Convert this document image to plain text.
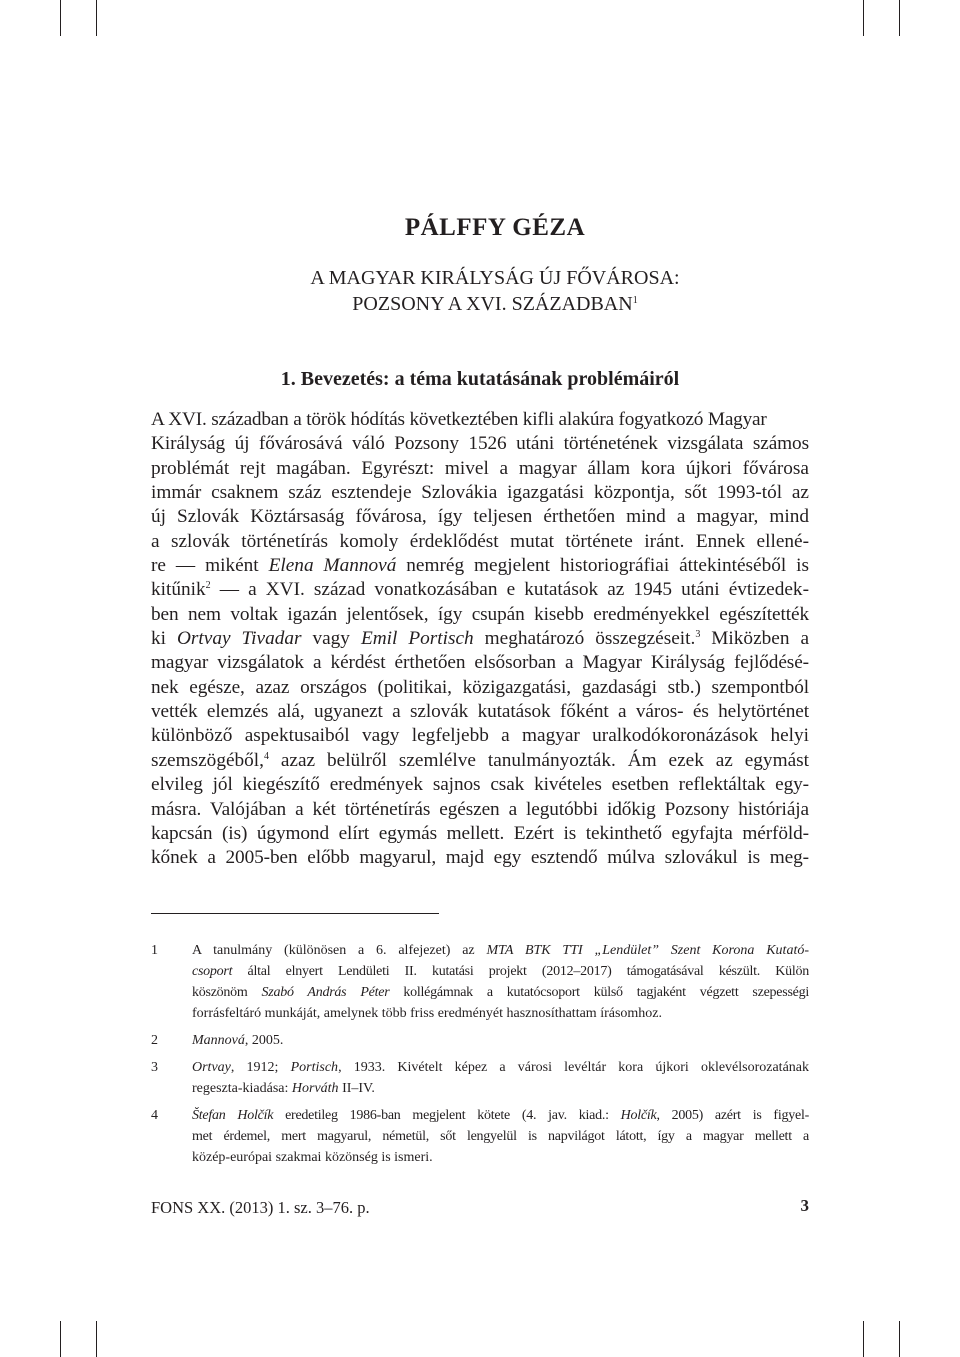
PÁLFFY GÉZA
A MAGYAR KIRÁLYSÁG ÚJ FŐVÁROSA:
POZSONY A XVI. SZÁZADBAN$^1$
1. Bevezetés: a téma kutatásának problémáiról
A XVI. században a török hódítás következtében kifli alakúra fogyatkozó Magyar
Királyság új fővárosává váló Pozsony 1526 utáni történetének vizsgálata számos
problémát rejt magában. Egyrészt: mivel a magyar állam kora újkori fővárosa
immár csaknem száz esztendeje Szlovákia igazgatási központja, sőt 1993-tól az
új Szlovák Köztársaság fővárosa, így teljesen érthetően mind a magyar, mind
a szlovák történetírás komoly érdeklődést mutat története iránt. Ennek ellené-
re — miként Elena Mannová nemrég megjelent historiográfiai áttekintéséből is
kitűnik$^2$ — a XVI. század vonatkozásában e kutatások az 1945 utáni évtizedek-
ben nem voltak igazán jelentősek, így csupán kisebb eredményekkel egészítették
ki Ortvay Tivadar vagy Emil Portisch meghatározó összegzéseit.$^3$ Miközben a
magyar vizsgálatok a kérdést érthetően elsősorban a Magyar Királyság fejlődésé-
nek egésze, azaz országos (politikai, közigazgatási, gazdasági stb.) szempontból
vették elemzés alá, ugyanezt a szlovák kutatások főként a város- és helytörténet
különböző aspektusaiból vagy legfeljebb a magyar uralkodókoronázások helyi
szemszögéből,$^4$ azaz belülről szemlélve tanulmányozták. Ám ezek az egymást
elvileg jól kiegészítő eredmények sajnos csak kivételes esetben reflektáltak egy-
másra. Valójában a két történetírás egészen a legutóbbi időkig Pozsony históriája
kapcsán (is) úgymond elírt egymás mellett. Ezért is tekinthető egyfajta mérföld-
kőnek a 2005-ben előbb magyarul, majd egy esztendő múlva szlovákul is meg-
1 A tanulmány (különösen a 6. alfejezet) az MTA BTK TTI „Lendület” Szent Korona Kutató-
csoport által elnyert Lendületi II. kutatási projekt (2012–2017) támogatásával készült. Külön
köszönöm Szabó András Péter kollégámnak a kutatócsoport külső tagjaként végzett szepességi
forrásfeltáró munkáját, amelynek több friss eredményét hasznosíthattam írásomhoz.
2 Mannová, 2005.
3 Ortvay, 1912; Portisch, 1933. Kivételt képez a városi levéltár kora újkori oklevélsorozatának
regeszta-kiadása: Horváth II–IV.
4 Štefan Holčík eredetileg 1986-ban megjelent kötete (4. jav. kiad.: Holčík, 2005) azért is figyel-
met érdemel, mert magyarul, németül, sőt lengyelül is napvilágot látott, így a magyar mellett a
közép-európai szakmai közönség is ismeri.
FONS XX. (2013) 1. sz. 3–76. p.	3
